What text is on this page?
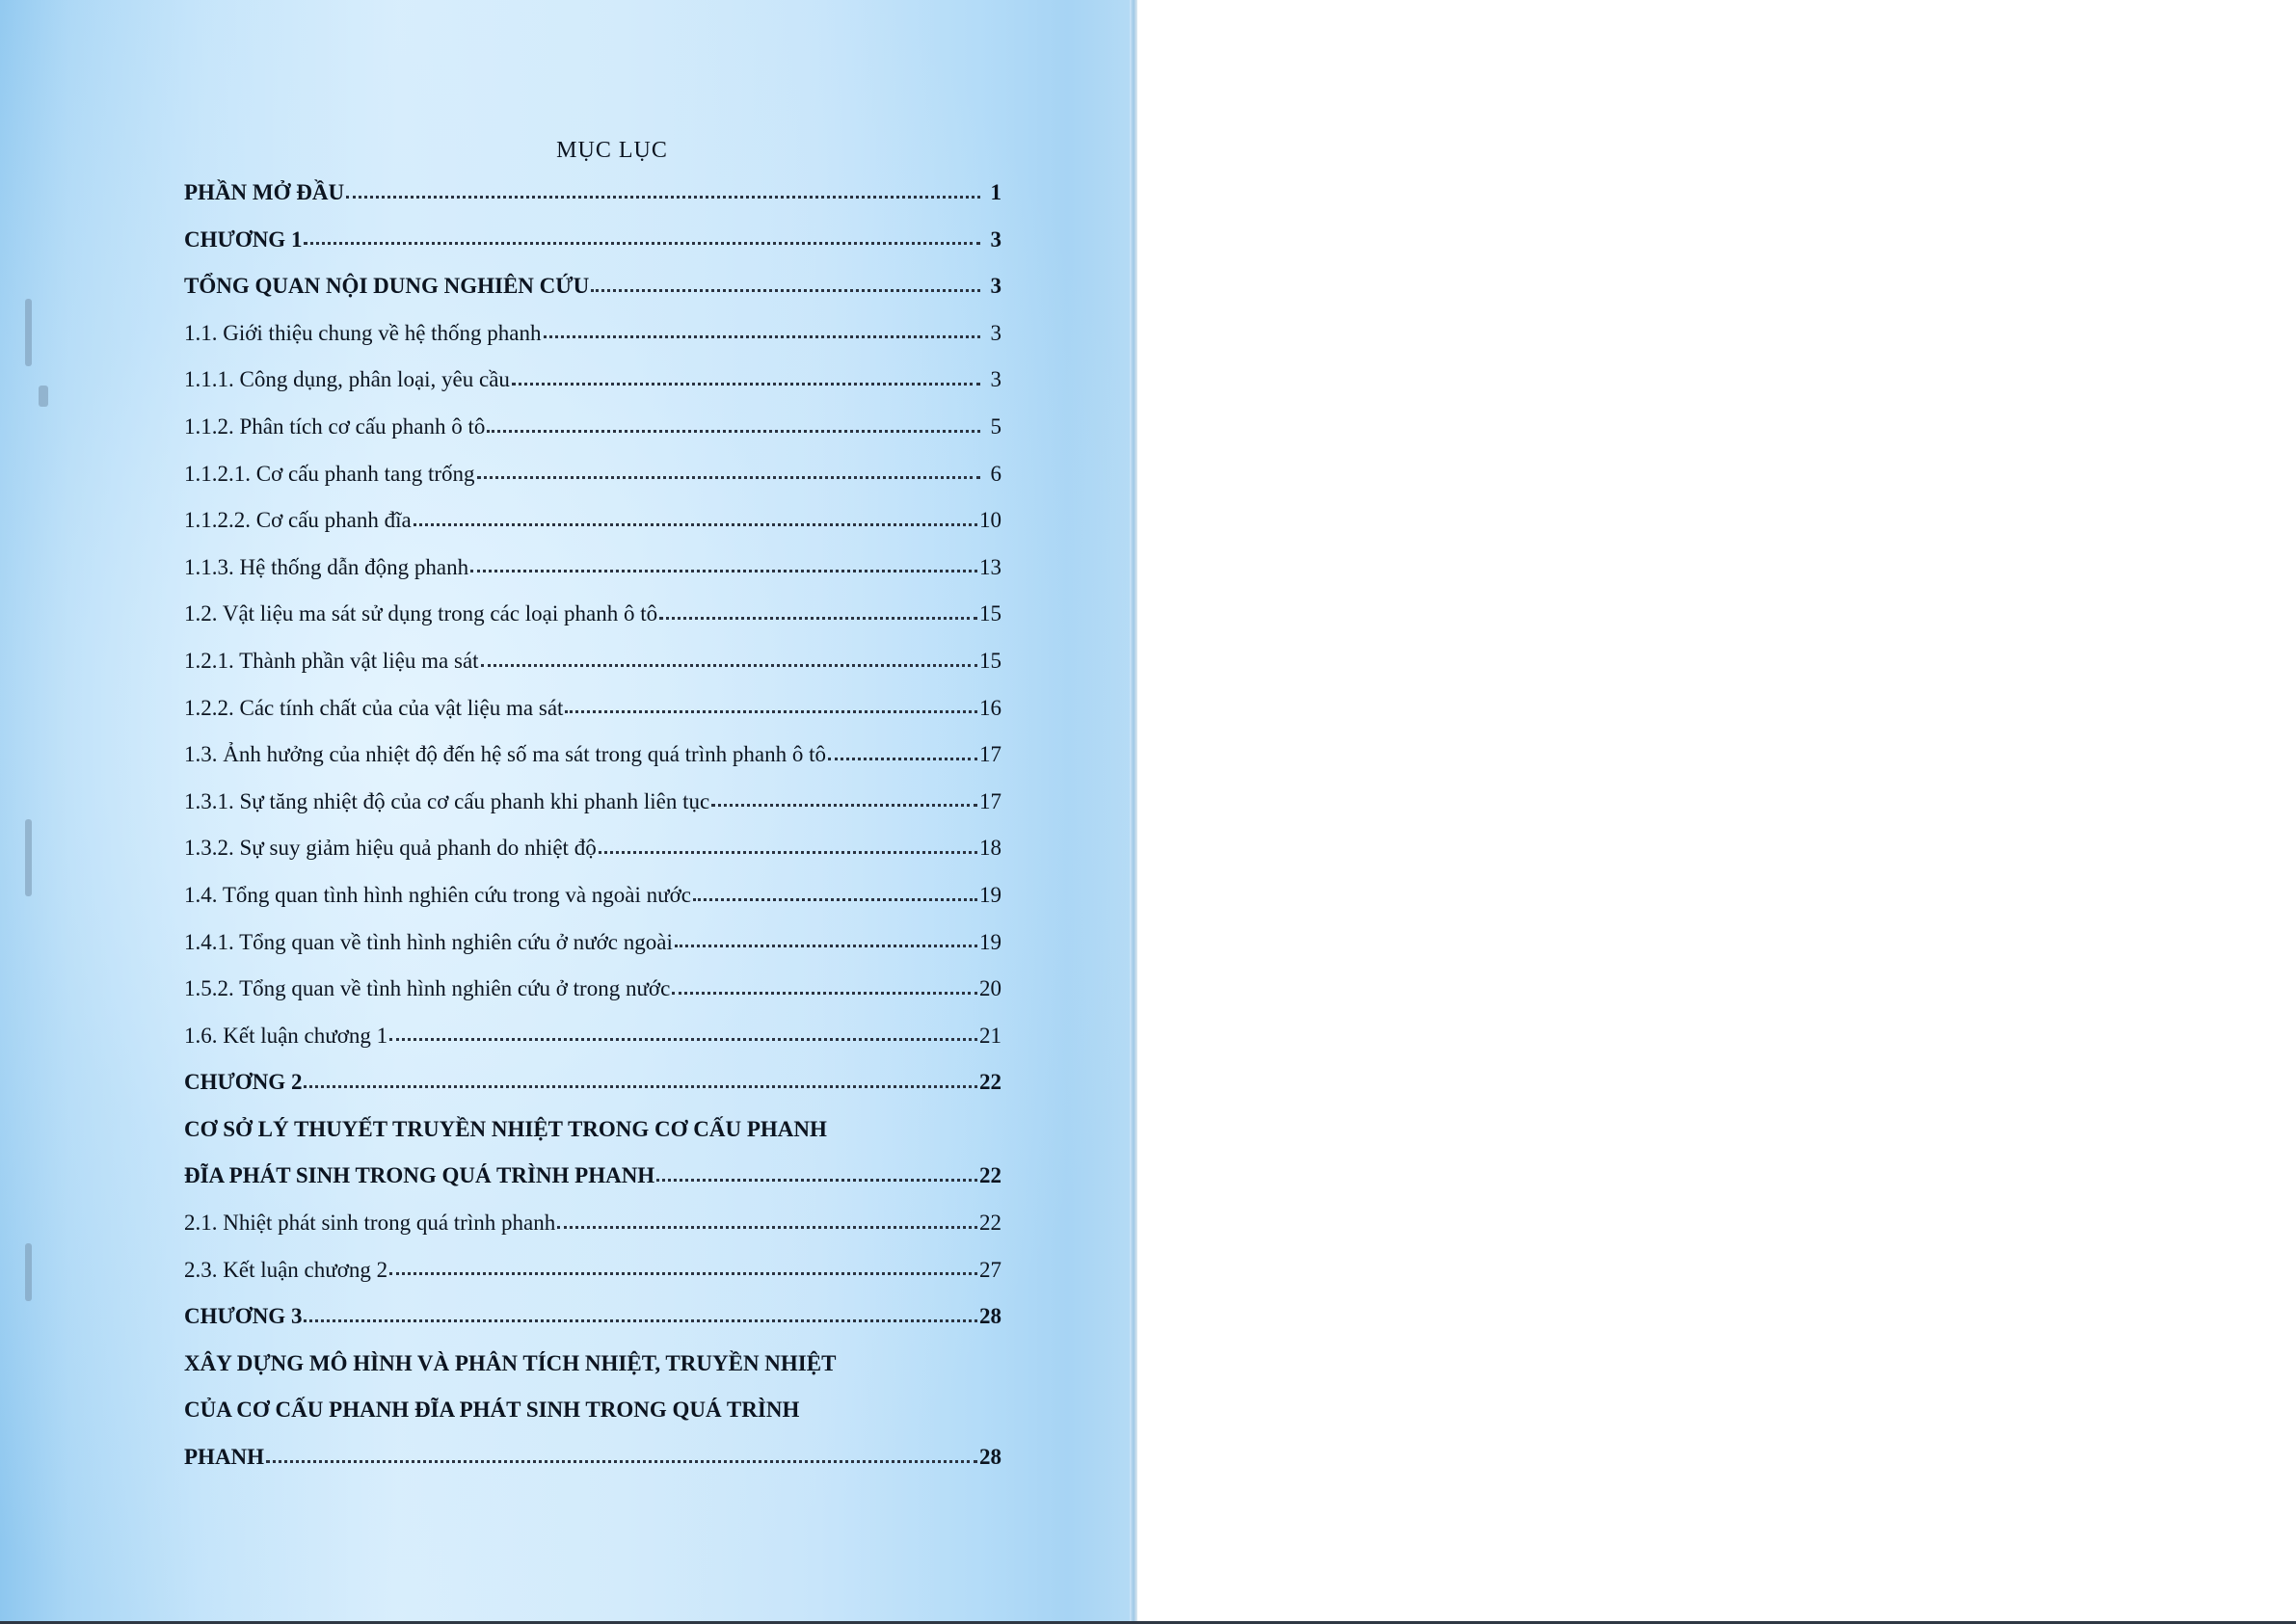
MỤC LỤC
PHẦN MỞ ĐẦU	1
CHƯƠNG 1	3
TỔNG QUAN NỘI DUNG NGHIÊN CỨU	3
1.1. Giới thiệu chung về hệ thống phanh	3
1.1.1. Công dụng, phân loại, yêu cầu	3
1.1.2. Phân tích cơ cấu phanh ô tô	5
1.1.2.1. Cơ cấu phanh tang trống	6
1.1.2.2. Cơ cấu phanh đĩa	10
1.1.3. Hệ thống dẫn động phanh	13
1.2. Vật liệu ma sát sử dụng trong các loại phanh ô tô	15
1.2.1. Thành phần vật liệu ma sát	15
1.2.2. Các tính chất của của vật liệu ma sát	16
1.3. Ảnh hưởng của nhiệt độ đến hệ số ma sát trong quá trình phanh ô tô	17
1.3.1. Sự tăng nhiệt độ của cơ cấu phanh khi phanh liên tục	17
1.3.2. Sự suy giảm hiệu quả phanh do nhiệt độ	18
1.4. Tổng quan tình hình nghiên cứu trong và ngoài nước	19
1.4.1. Tổng quan về tình hình nghiên cứu ở nước ngoài	19
1.5.2. Tổng quan về tình hình nghiên cứu ở trong nước	20
1.6. Kết luận chương 1	21
CHƯƠNG 2	22
CƠ SỞ LÝ THUYẾT TRUYỀN NHIỆT TRONG CƠ CẤU PHANH
ĐĨA PHÁT SINH TRONG QUÁ TRÌNH PHANH	22
2.1. Nhiệt phát sinh trong quá trình phanh	22
2.3. Kết luận chương 2	27
CHƯƠNG 3	28
XÂY DỰNG MÔ HÌNH VÀ PHÂN TÍCH NHIỆT, TRUYỀN NHIỆT
CỦA CƠ CẤU PHANH ĐĨA PHÁT SINH TRONG QUÁ TRÌNH
PHANH	28
